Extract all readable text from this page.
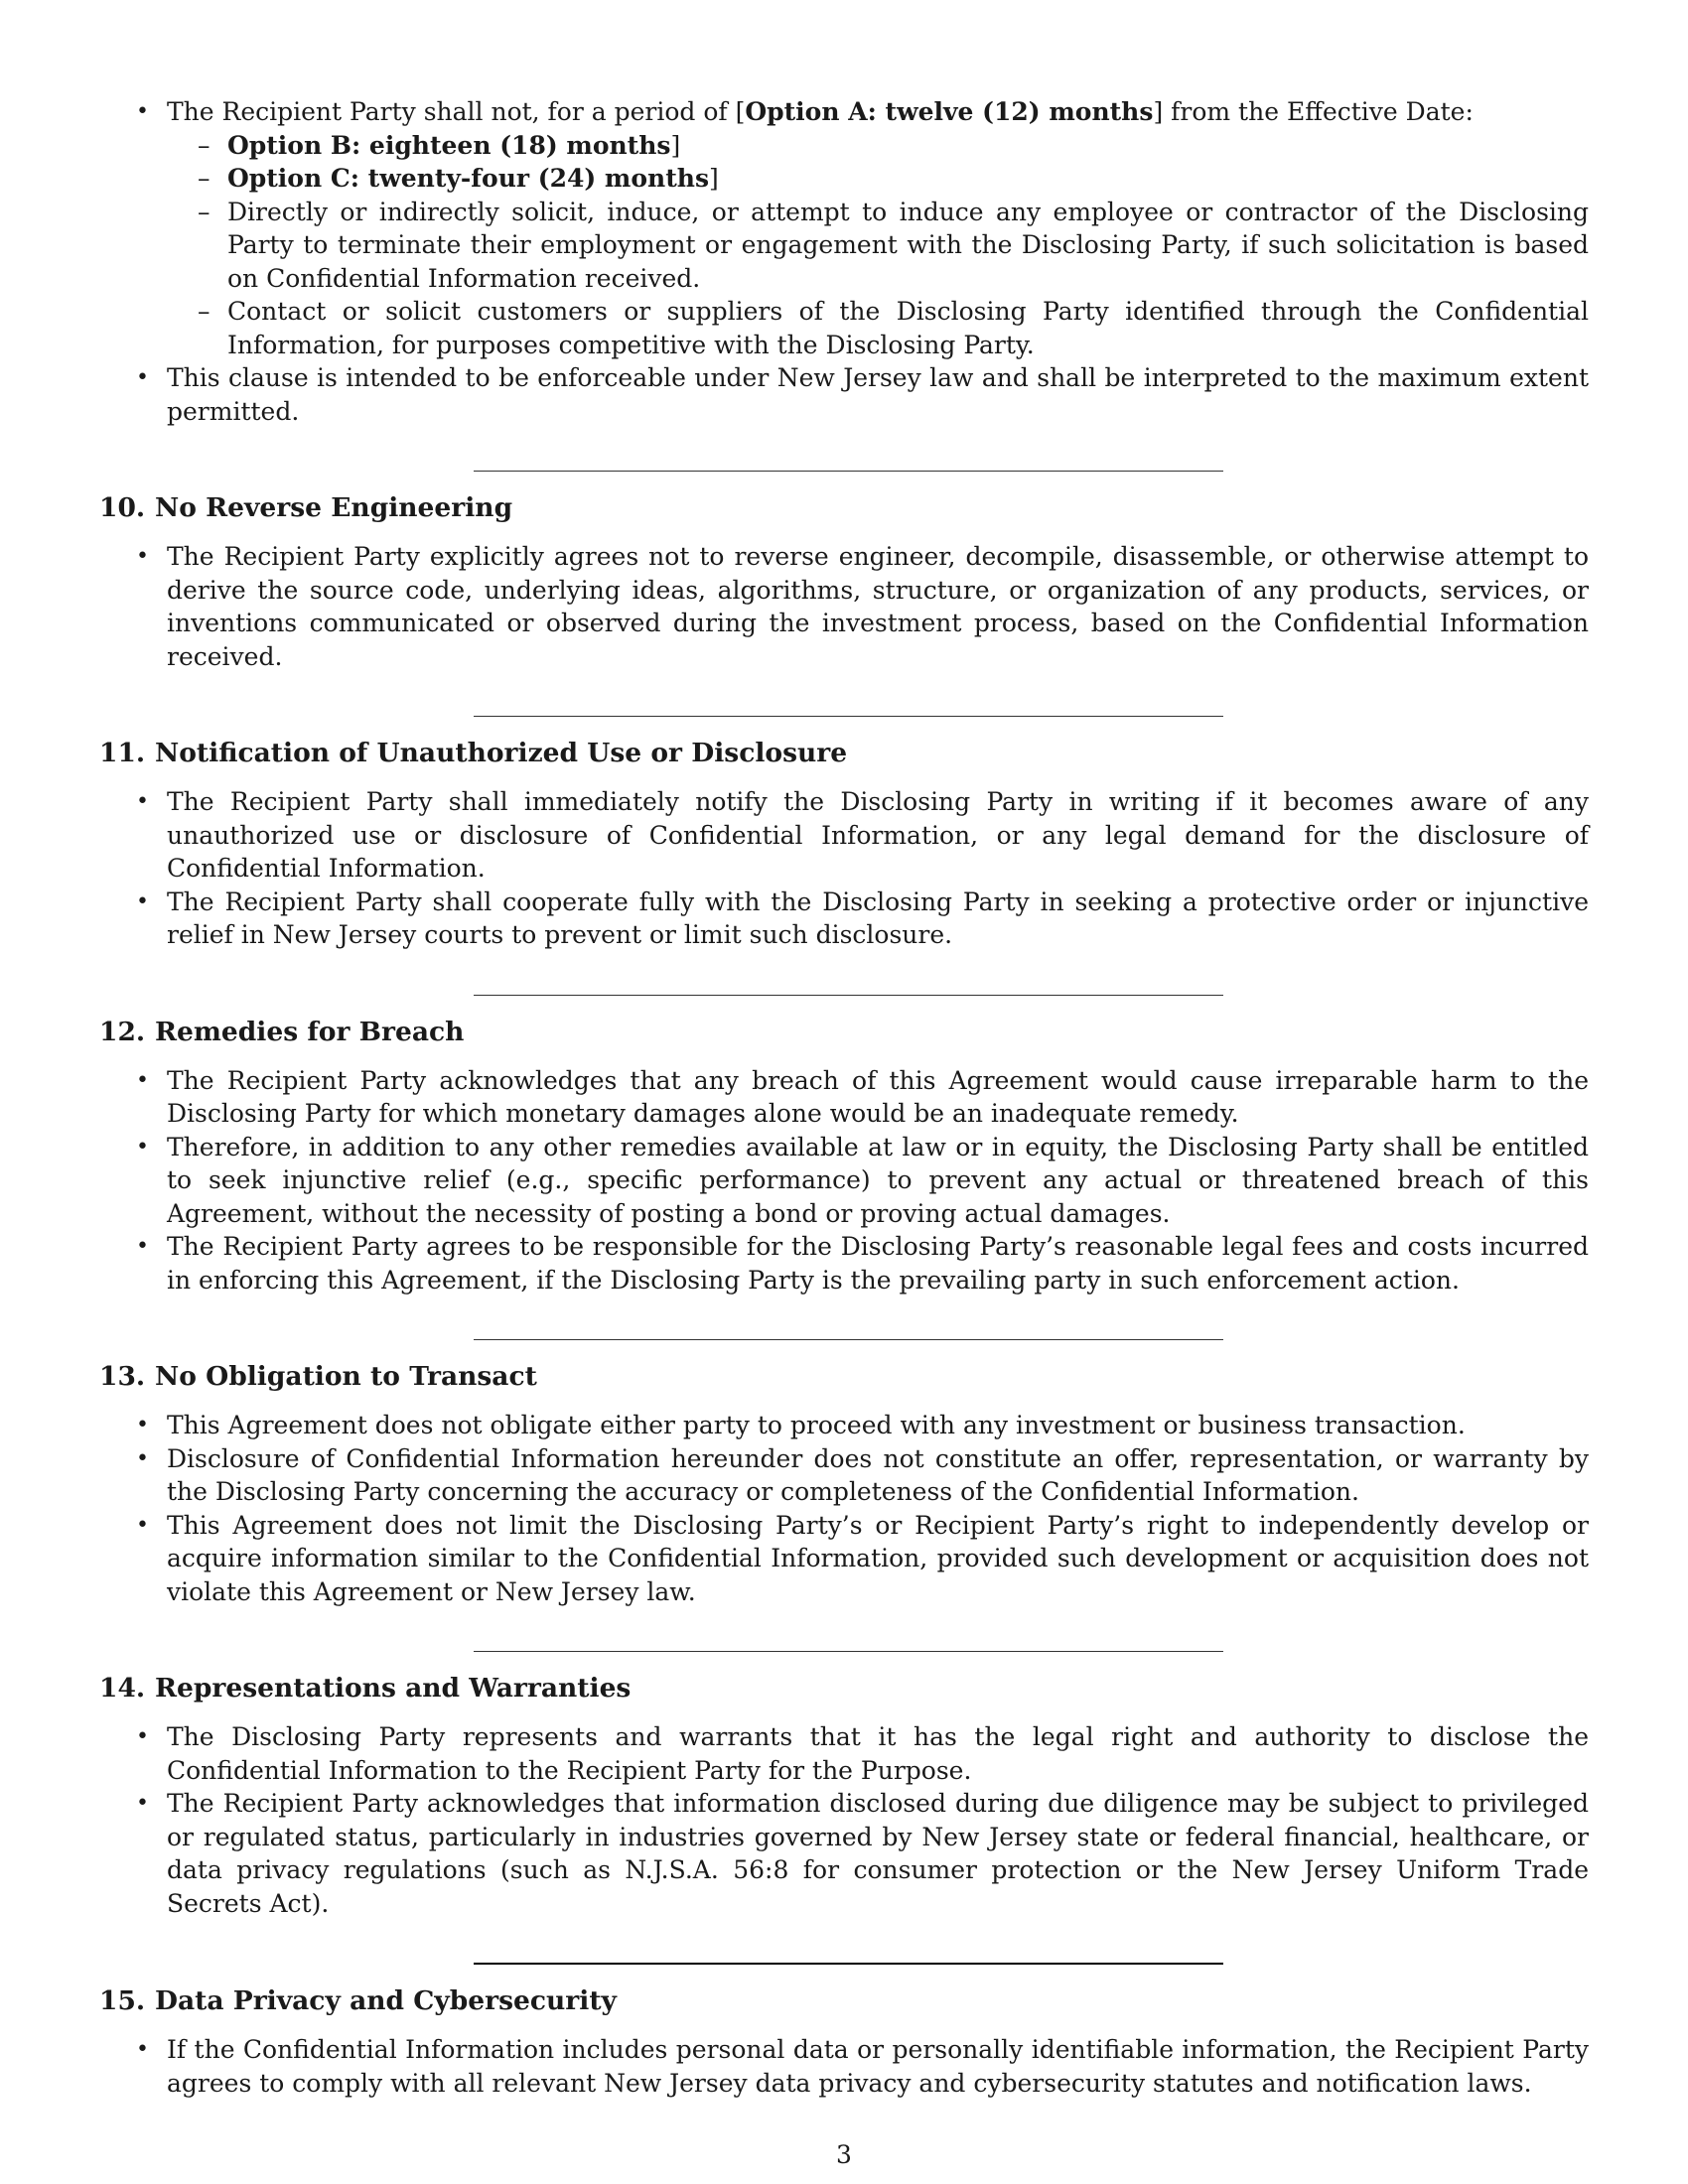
• The Recipient Party shall not, for a period of [Option A: twelve (12) months] from the Effective Date:
– Option B: eighteen (18) months]
– Option C: twenty-four (24) months]
– Directly or indirectly solicit, induce, or attempt to induce any employee or contractor of the Disclosing Party to terminate their employment or engagement with the Disclosing Party, if such solicitation is based on Confidential Information received.
– Contact or solicit customers or suppliers of the Disclosing Party identified through the Confidential Information, for purposes competitive with the Disclosing Party.
• This clause is intended to be enforceable under New Jersey law and shall be interpreted to the maximum extent permitted.
10. No Reverse Engineering
• The Recipient Party explicitly agrees not to reverse engineer, decompile, disassemble, or otherwise attempt to derive the source code, underlying ideas, algorithms, structure, or organization of any products, services, or inventions communicated or observed during the investment process, based on the Confidential Information received.
11. Notification of Unauthorized Use or Disclosure
• The Recipient Party shall immediately notify the Disclosing Party in writing if it becomes aware of any unauthorized use or disclosure of Confidential Information, or any legal demand for the disclosure of Confidential Information.
• The Recipient Party shall cooperate fully with the Disclosing Party in seeking a protective order or injunctive relief in New Jersey courts to prevent or limit such disclosure.
12. Remedies for Breach
• The Recipient Party acknowledges that any breach of this Agreement would cause irreparable harm to the Disclosing Party for which monetary damages alone would be an inadequate remedy.
• Therefore, in addition to any other remedies available at law or in equity, the Disclosing Party shall be entitled to seek injunctive relief (e.g., specific performance) to prevent any actual or threatened breach of this Agreement, without the necessity of posting a bond or proving actual damages.
• The Recipient Party agrees to be responsible for the Disclosing Party’s reasonable legal fees and costs incurred in enforcing this Agreement, if the Disclosing Party is the prevailing party in such enforcement action.
13. No Obligation to Transact
• This Agreement does not obligate either party to proceed with any investment or business transaction.
• Disclosure of Confidential Information hereunder does not constitute an offer, representation, or warranty by the Disclosing Party concerning the accuracy or completeness of the Confidential Information.
• This Agreement does not limit the Disclosing Party’s or Recipient Party’s right to independently develop or acquire information similar to the Confidential Information, provided such development or acquisition does not violate this Agreement or New Jersey law.
14. Representations and Warranties
• The Disclosing Party represents and warrants that it has the legal right and authority to disclose the Confidential Information to the Recipient Party for the Purpose.
• The Recipient Party acknowledges that information disclosed during due diligence may be subject to privileged or regulated status, particularly in industries governed by New Jersey state or federal financial, healthcare, or data privacy regulations (such as N.J.S.A. 56:8 for consumer protection or the New Jersey Uniform Trade Secrets Act).
15. Data Privacy and Cybersecurity
• If the Confidential Information includes personal data or personally identifiable information, the Recipient Party agrees to comply with all relevant New Jersey data privacy and cybersecurity statutes and notification laws.
3
